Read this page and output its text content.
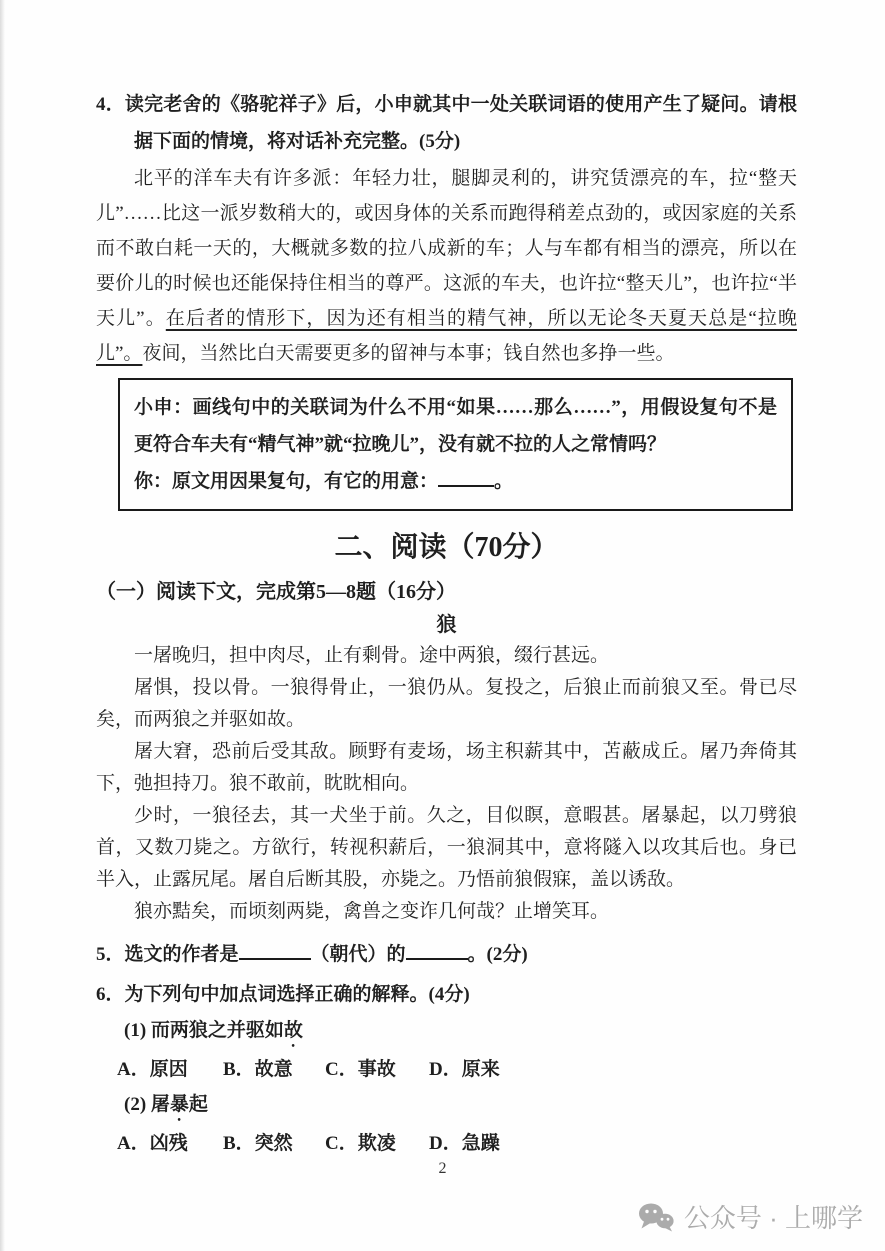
4．读完老舍的《骆驼祥子》后，小申就其中一处关联词语的使用产生了疑问。请根据下面的情境，将对话补充完整。(5分)

北平的洋车夫有许多派：年轻力壮，腿脚灵利的，讲究赁漂亮的车，拉“整天儿”……比这一派岁数稍大的，或因身体的关系而跑得稍差点劲的，或因家庭的关系而不敢白耗一天的，大概就多数的拉八成新的车；人与车都有相当的漂亮，所以在要价儿的时候也还能保持住相当的尊严。这派的车夫，也许拉“整天儿”，也许拉“半天儿”。在后者的情形下，因为还有相当的精气神，所以无论冬天夏天总是“拉晚儿”。夜间，当然比白天需要更多的留神与本事；钱自然也多挣一些。

小申：画线句中的关联词为什么不用“如果……那么……”，用假设复句不是更符合车夫有“精气神”就“拉晚儿”，没有就不拉的人之常情吗？

你：原文用因果复句，有它的用意：	。

二、阅读（70分）

（一）阅读下文，完成第5—8题（16分）

狼

一屠晚归，担中肉尽，止有剩骨。途中两狼，缀行甚远。

屠惧，投以骨。一狼得骨止，一狼仍从。复投之，后狼止而前狼又至。骨已尽矣，而两狼之并驱如故。

屠大窘，恐前后受其敌。顾野有麦场，场主积薪其中，苫蔽成丘。屠乃奔倚其下，弛担持刀。狼不敢前，眈眈相向。

少时，一狼径去，其一犬坐于前。久之，目似瞑，意暇甚。屠暴起，以刀劈狼首，又数刀毙之。方欲行，转视积薪后，一狼洞其中，意将隧入以攻其后也。身已半入，止露尻尾。屠自后断其股，亦毙之。乃悟前狼假寐，盖以诱敌。

狼亦黠矣，而顷刻两毙，禽兽之变诈几何哉？止增笑耳。

5．选文的作者是	（朝代）的	。(2分)

6．为下列句中加点词选择正确的解释。(4分)

(1) 而两狼之并驱如故

A．原因	B．故意	C．事故	D．原来

(2) 屠暴起

A．凶残	B．突然	C．欺凌	D．急躁
2
公众号 · 上哪学
